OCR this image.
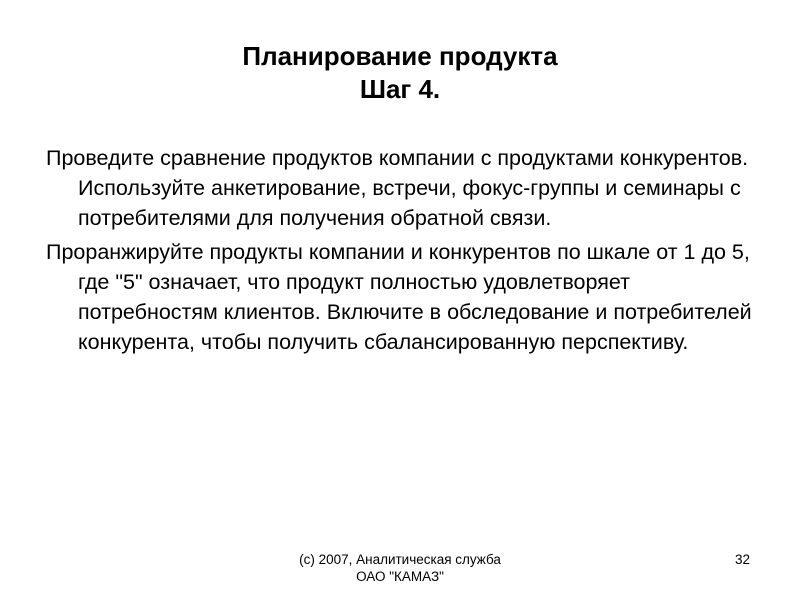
Планирование продукта
Шаг 4.

Проведите сравнение продуктов компании с продуктами конкурентов. Используйте анкетирование, встречи, фокус-группы и семинары с потребителями для получения обратной связи.

Проранжируйте продукты компании и конкурентов по шкале от 1 до 5, где "5" означает, что продукт полностью удовлетворяет потребностям клиентов. Включите в обследование и потребителей конкурента, чтобы получить сбалансированную перспективу.

(c) 2007, Аналитическая служба
ОАО "КАМАЗ"
32
